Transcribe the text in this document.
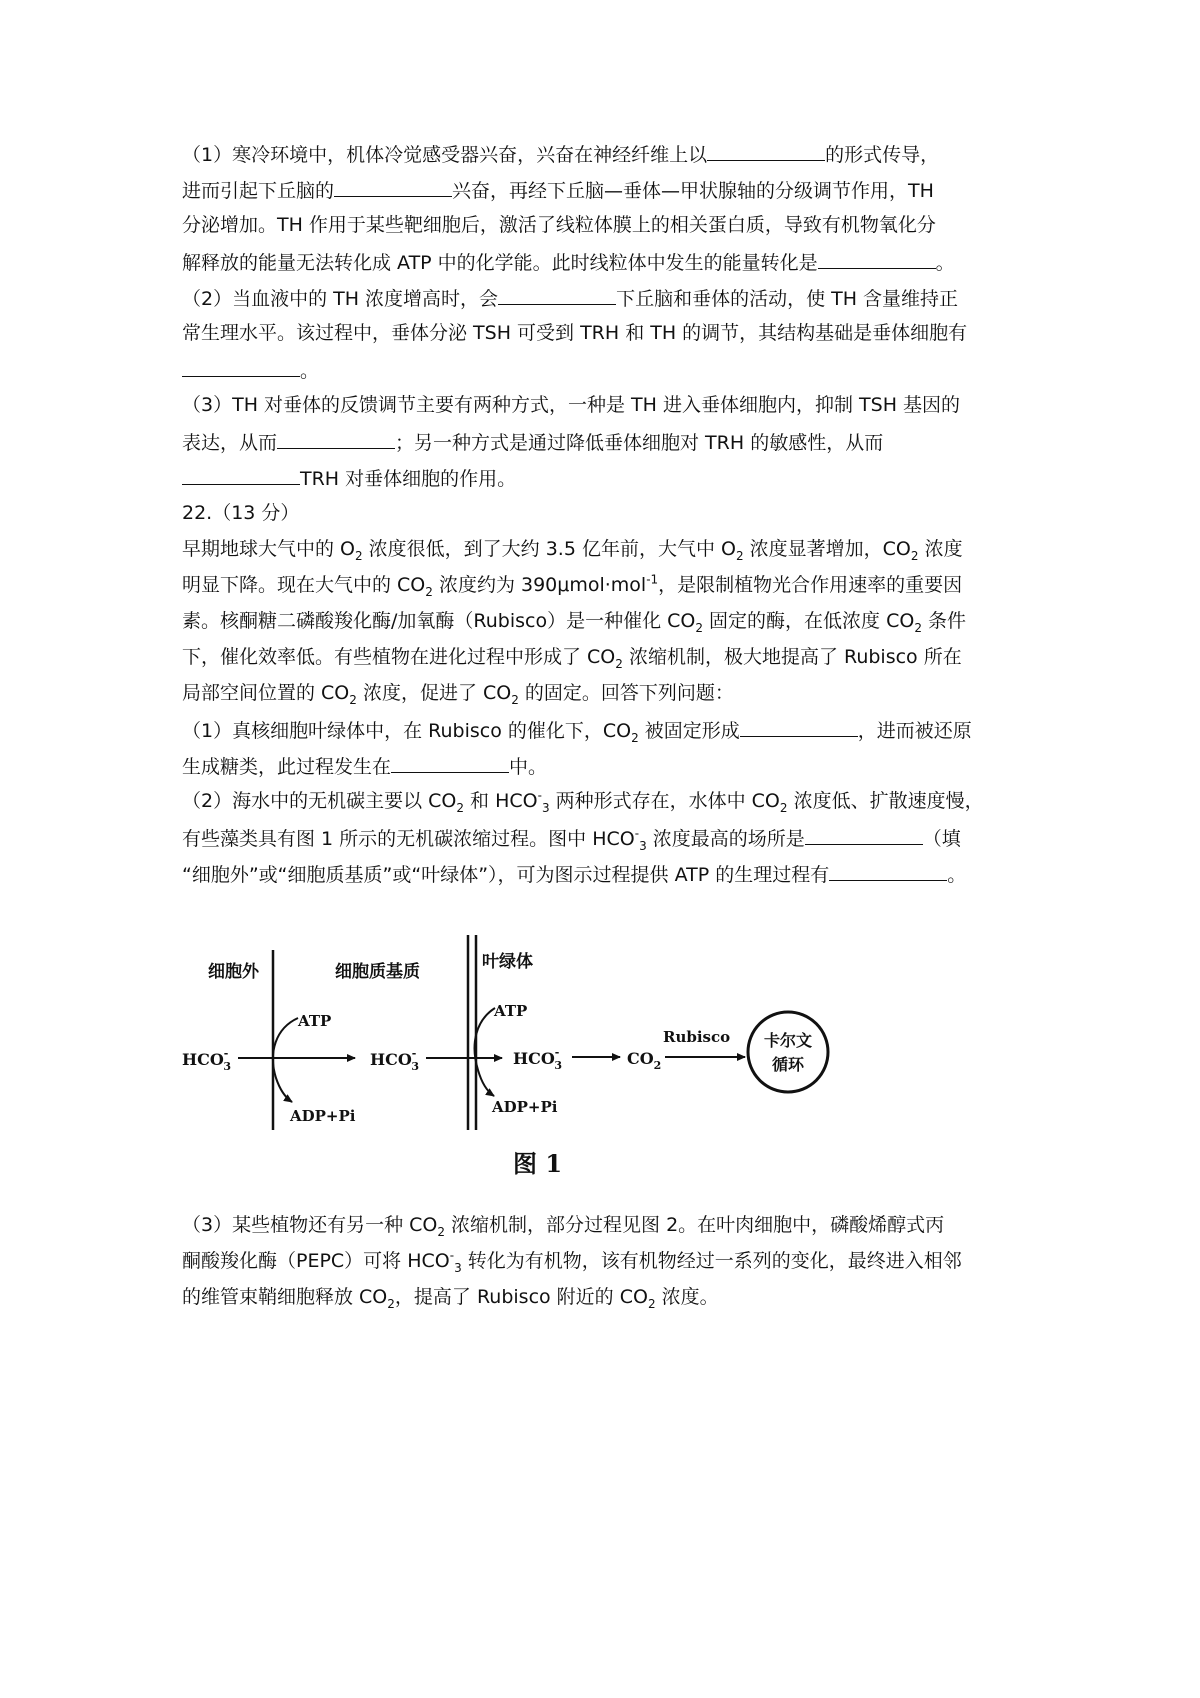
（1）寒冷环境中，机体冷觉感受器兴奋，兴奋在神经纤维上以	的形式传导，
进而引起下丘脑的	兴奋，再经下丘脑—垂体—甲状腺轴的分级调节作用，TH
分泌增加。TH 作用于某些靶细胞后，激活了线粒体膜上的相关蛋白质，导致有机物氧化分
解释放的能量无法转化成 ATP 中的化学能。此时线粒体中发生的能量转化是	。
（2）当血液中的 TH 浓度增高时，会	下丘脑和垂体的活动，使 TH 含量维持正
常生理水平。该过程中，垂体分泌 TSH 可受到 TRH 和 TH 的调节，其结构基础是垂体细胞有
。
（3）TH 对垂体的反馈调节主要有两种方式，一种是 TH 进入垂体细胞内，抑制 TSH 基因的
表达，从而	；另一种方式是通过降低垂体细胞对 TRH 的敏感性，从而
TRH 对垂体细胞的作用。
22.（13 分）
早期地球大气中的 $O_2$ 浓度很低，到了大约 3.5 亿年前，大气中 $O_2$ 浓度显著增加，$CO_2$ 浓度
明显下降。现在大气中的 $CO_2$ 浓度约为 390μmol·mol$^{-1}$，是限制植物光合作用速率的重要因
素。核酮糖二磷酸羧化酶/加氧酶（Rubisco）是一种催化 $CO_2$ 固定的酶，在低浓度 $CO_2$ 条件
下，催化效率低。有些植物在进化过程中形成了 $CO_2$ 浓缩机制，极大地提高了 Rubisco 所在
局部空间位置的 $CO_2$ 浓度，促进了 $CO_2$ 的固定。回答下列问题：
（1）真核细胞叶绿体中，在 Rubisco 的催化下，$CO_2$ 被固定形成	，进而被还原
生成糖类，此过程发生在	中。
（2）海水中的无机碳主要以 $CO_2$ 和 $HCO^-_3$ 两种形式存在，水体中 $CO_2$ 浓度低、扩散速度慢，
有些藻类具有图 1 所示的无机碳浓缩过程。图中 $HCO^-_3$ 浓度最高的场所是	（填
“细胞外”或“细胞质基质”或“叶绿体”），可为图示过程提供 ATP 的生理过程有	。
细胞外	细胞质基质	叶绿体
HCO-3
ATP
ADP+Pi
HCO-3
ATP
ADP+Pi
HCO-3	$CO_2$
Rubisco 卡尔文
循环
图 1
（3）某些植物还有另一种 $CO_2$ 浓缩机制，部分过程见图 2。在叶肉细胞中，磷酸烯醇式丙
酮酸羧化酶（PEPC）可将 $HCO^-_3$ 转化为有机物，该有机物经过一系列的变化，最终进入相邻
的维管束鞘细胞释放 $CO_2$，提高了 Rubisco 附近的 $CO_2$ 浓度。
